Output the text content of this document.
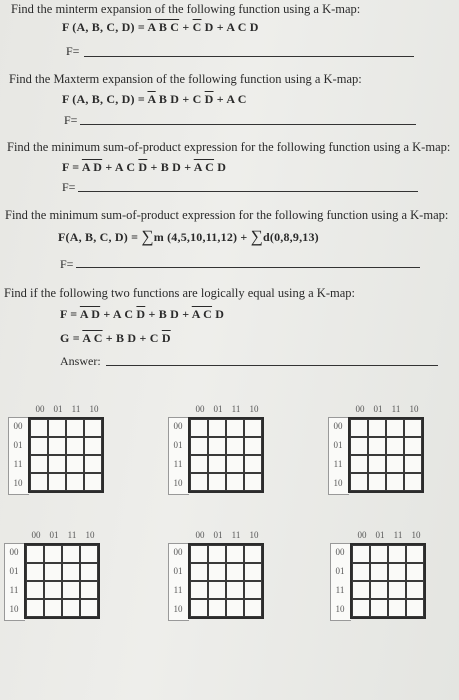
Find the minterm expansion of the following function using a K-map:
F (A, B, C, D) = A B $C + \overline{C}$ D + A C D
F=
Find the Maxterm expansion of the following function using a K-map:
F (A, B, C, $D) = \overline{A}$ B D + C $\overline{D} + A$ C
F=
Find the minimum sum-of-product expression for the following function using a K-map:
F = A D + A C $\overline{D} + B$ D + A C D
F=
Find the minimum sum-of-product expression for the following function using a K-map:
F(A, B, C, D) = ∑m (4,5,10,11,12) + ∑d(0,8,9,13)
F=
Find if the following two functions are logically equal using a K-map:
F = A D + A C $\overline{D} + B$ D + A C D
G = A C + B D + C $\overline{D}$
Answer:
00	01	11	10
00
01
11
10
00	01	11	10
00
01
11
10
00	01	11	10
00
01
11
10
00	01	11	10
00
01
11
10
00	01	11	10
00
01
11
10
00	01	11	10
00
01
11
10
